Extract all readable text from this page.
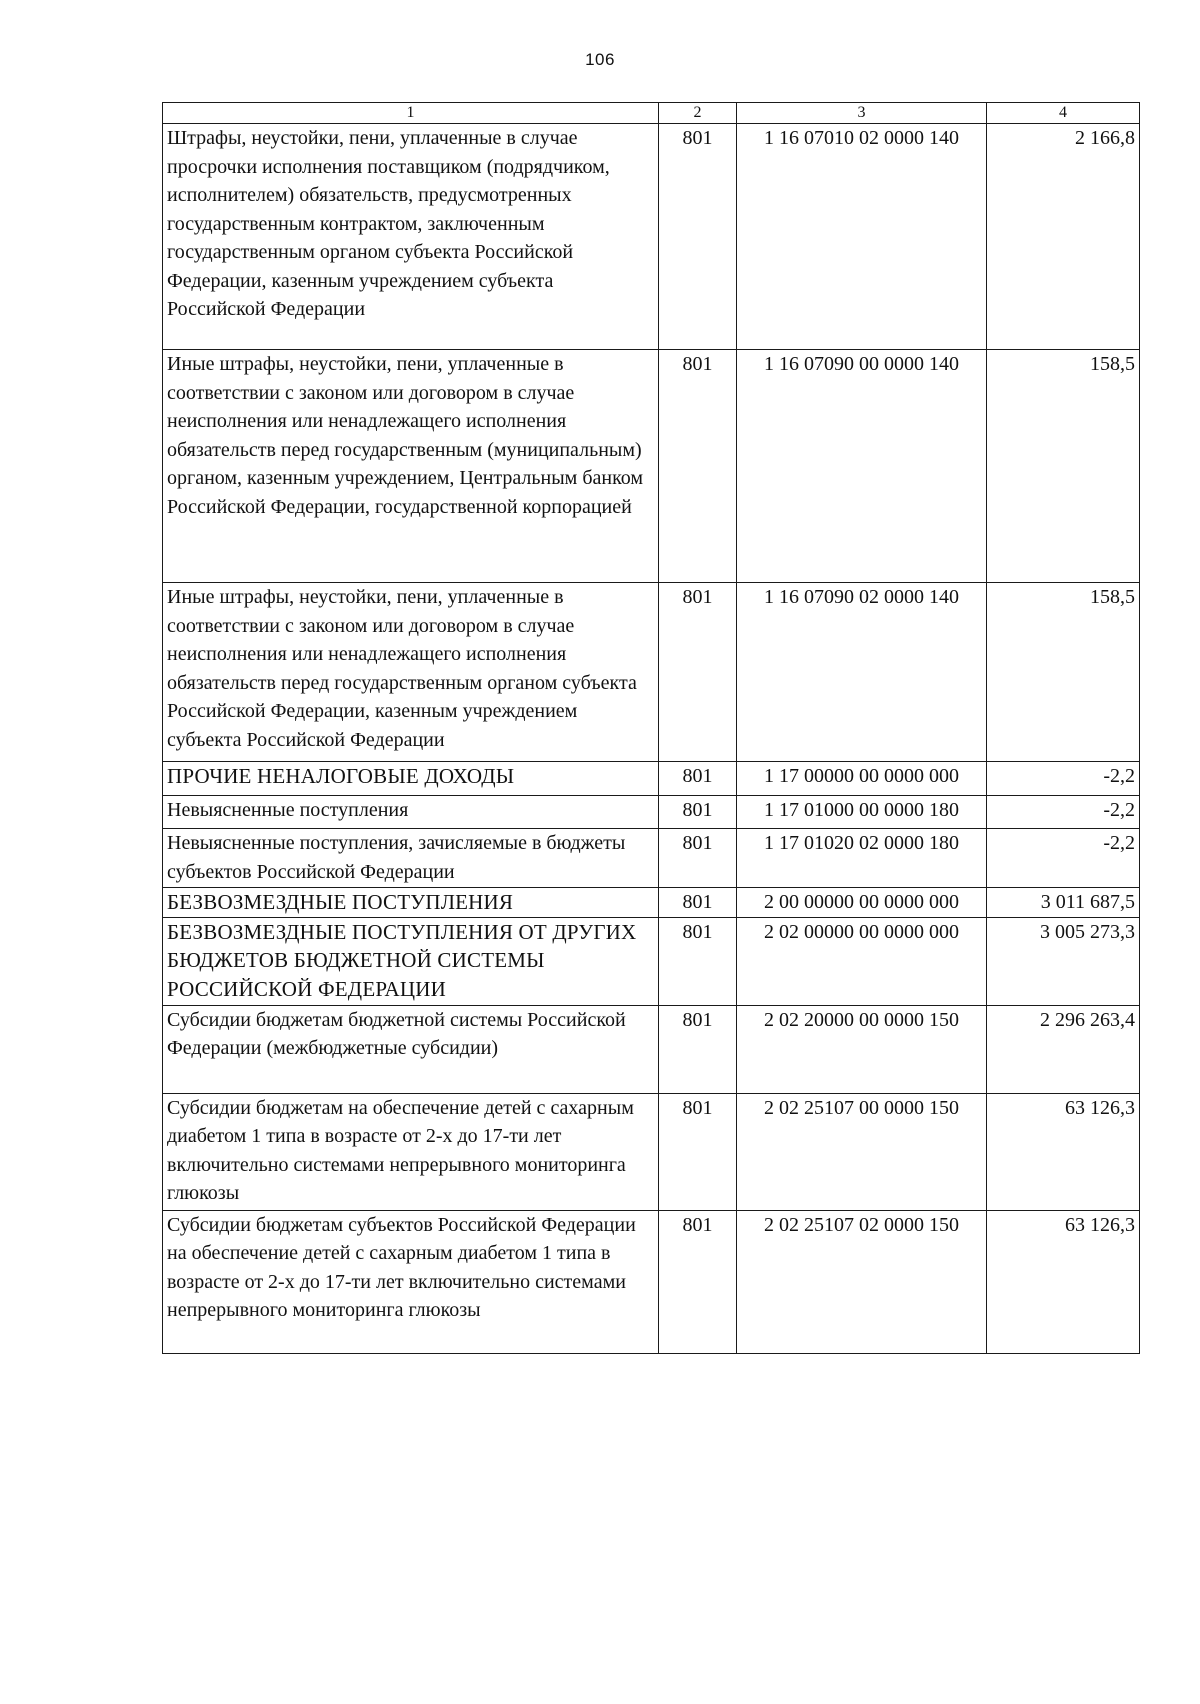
106
1	2	3	4
Штрафы, неустойки, пени, уплаченные в случае просрочки исполнения поставщиком (подрядчиком, исполнителем) обязательств, предусмотренных государственным контрактом, заключенным государственным органом субъекта Российской Федерации, казенным учреждением субъекта Российской Федерации	801	1 16 07010 02 0000 140	2 166,8
Иные штрафы, неустойки, пени, уплаченные в соответствии с законом или договором в случае неисполнения или ненадлежащего исполнения обязательств перед государственным (муниципальным) органом, казенным учреждением, Центральным банком Российской Федерации, государственной корпорацией	801	1 16 07090 00 0000 140	158,5
Иные штрафы, неустойки, пени, уплаченные в соответствии с законом или договором в случае неисполнения или ненадлежащего исполнения обязательств перед государственным органом субъекта Российской Федерации, казенным учреждением субъекта Российской Федерации	801	1 16 07090 02 0000 140	158,5
ПРОЧИЕ НЕНАЛОГОВЫЕ ДОХОДЫ	801	1 17 00000 00 0000 000	-2,2
Невыясненные поступления	801	1 17 01000 00 0000 180	-2,2
Невыясненные поступления, зачисляемые в бюджеты субъектов Российской Федерации	801	1 17 01020 02 0000 180	-2,2
БЕЗВОЗМЕЗДНЫЕ ПОСТУПЛЕНИЯ	801	2 00 00000 00 0000 000	3 011 687,5
БЕЗВОЗМЕЗДНЫЕ ПОСТУПЛЕНИЯ ОТ ДРУГИХ БЮДЖЕТОВ БЮДЖЕТНОЙ СИСТЕМЫ РОССИЙСКОЙ ФЕДЕРАЦИИ	801	2 02 00000 00 0000 000	3 005 273,3
Субсидии бюджетам бюджетной системы Российской Федерации (межбюджетные субсидии)	801	2 02 20000 00 0000 150	2 296 263,4
Субсидии бюджетам на обеспечение детей с сахарным диабетом 1 типа в возрасте от 2-х до 17-ти лет включительно системами непрерывного мониторинга глюкозы	801	2 02 25107 00 0000 150	63 126,3
Субсидии бюджетам субъектов Российской Федерации на обеспечение детей с сахарным диабетом 1 типа в возрасте от 2-х до 17-ти лет включительно системами непрерывного мониторинга глюкозы	801	2 02 25107 02 0000 150	63 126,3
